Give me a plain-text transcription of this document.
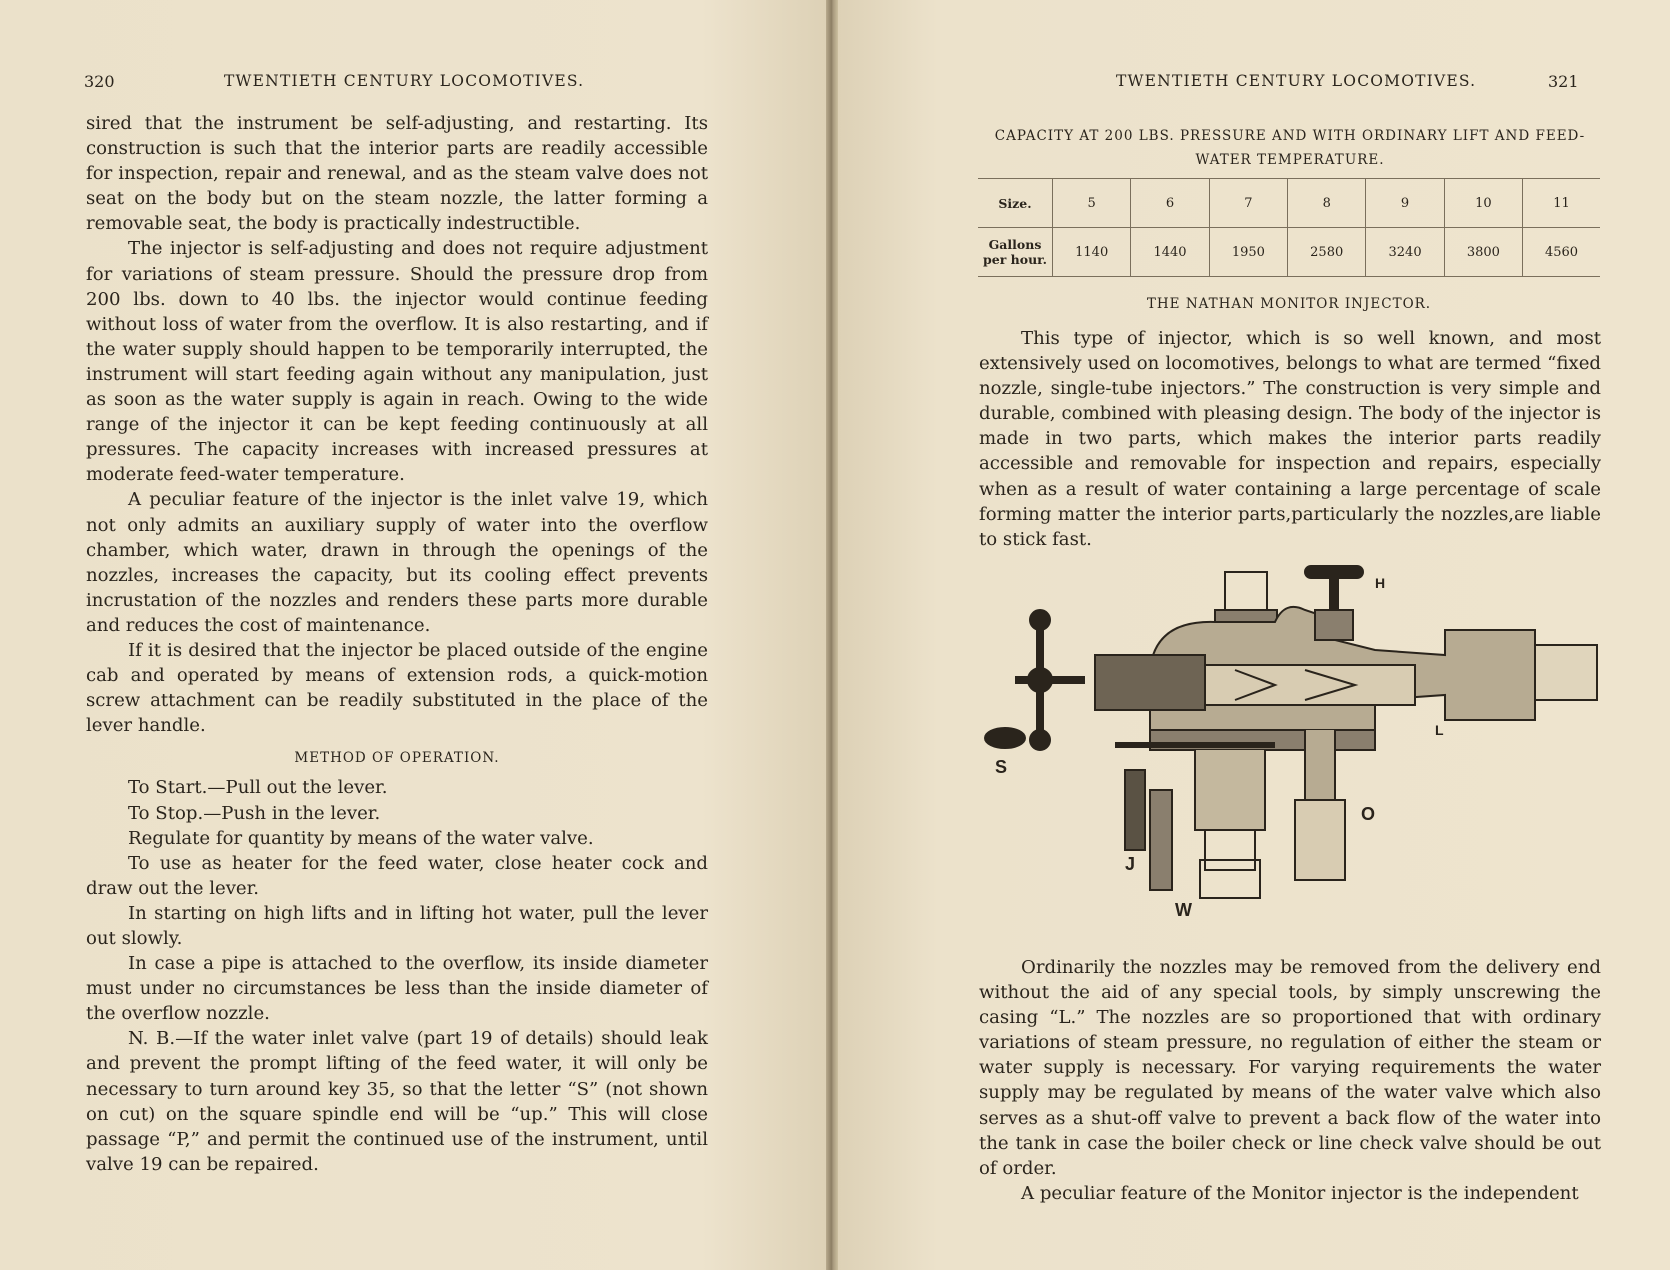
320	TWENTIETH CENTURY LOCOMOTIVES.

sired that the instrument be self-adjusting, and restarting. Its construction is such that the interior parts are readily accessible for inspection, repair and renewal, and as the steam valve does not seat on the body but on the steam nozzle, the latter forming a removable seat, the body is practically indestructible.

The injector is self-adjusting and does not require adjustment for variations of steam pressure. Should the pressure drop from 200 lbs. down to 40 lbs. the injector would continue feeding without loss of water from the overflow. It is also restarting, and if the water supply should happen to be temporarily interrupted, the instrument will start feeding again without any manipulation, just as soon as the water supply is again in reach. Owing to the wide range of the injector it can be kept feeding continuously at all pressures. The capacity increases with increased pressures at moderate feed-water temperature.

A peculiar feature of the injector is the inlet valve 19, which not only admits an auxiliary supply of water into the overflow chamber, which water, drawn in through the openings of the nozzles, increases the capacity, but its cooling effect prevents incrustation of the nozzles and renders these parts more durable and reduces the cost of maintenance.

If it is desired that the injector be placed outside of the engine cab and operated by means of extension rods, a quick-motion screw attachment can be readily substituted in the place of the lever handle.

METHOD OF OPERATION.

To Start.—Pull out the lever.

To Stop.—Push in the lever.

Regulate for quantity by means of the water valve.

To use as heater for the feed water, close heater cock and draw out the lever.

In starting on high lifts and in lifting hot water, pull the lever out slowly.

In case a pipe is attached to the overflow, its inside diameter must under no circumstances be less than the inside diameter of the overflow nozzle.

N. B.—If the water inlet valve (part 19 of details) should leak and prevent the prompt lifting of the feed water, it will only be necessary to turn around key 35, so that the letter “S” (not shown on cut) on the square spindle end will be “up.” This will close passage “P,” and permit the continued use of the instrument, until valve 19 can be repaired.

TWENTIETH CENTURY LOCOMOTIVES.	321
CAPACITY AT 200 LBS. PRESSURE AND WITH ORDINARY LIFT AND FEED-
WATER TEMPERATURE.
Size.	5	6	7	8	9	10	11
Gallons per hour.	1140	1440	1950	2580	3240	3800	4560
THE NATHAN MONITOR INJECTOR.

This type of injector, which is so well known, and most extensively used on locomotives, belongs to what are termed “fixed nozzle, single-tube injectors.” The construction is very simple and durable, combined with pleasing design. The body of the injector is made in two parts, which makes the interior parts readily accessible and removable for inspection and repairs, especially when as a result of water containing a large percentage of scale forming matter the interior parts,particularly the nozzles,are liable to stick fast.

H
S
L
O
J
W

Ordinarily the nozzles may be removed from the delivery end without the aid of any special tools, by simply unscrewing the casing “L.” The nozzles are so proportioned that with ordinary variations of steam pressure, no regulation of either the steam or water supply is necessary. For varying requirements the water supply may be regulated by means of the water valve which also serves as a shut-off valve to prevent a back flow of the water into the tank in case the boiler check or line check valve should be out of order.

A peculiar feature of the Monitor injector is the independent
